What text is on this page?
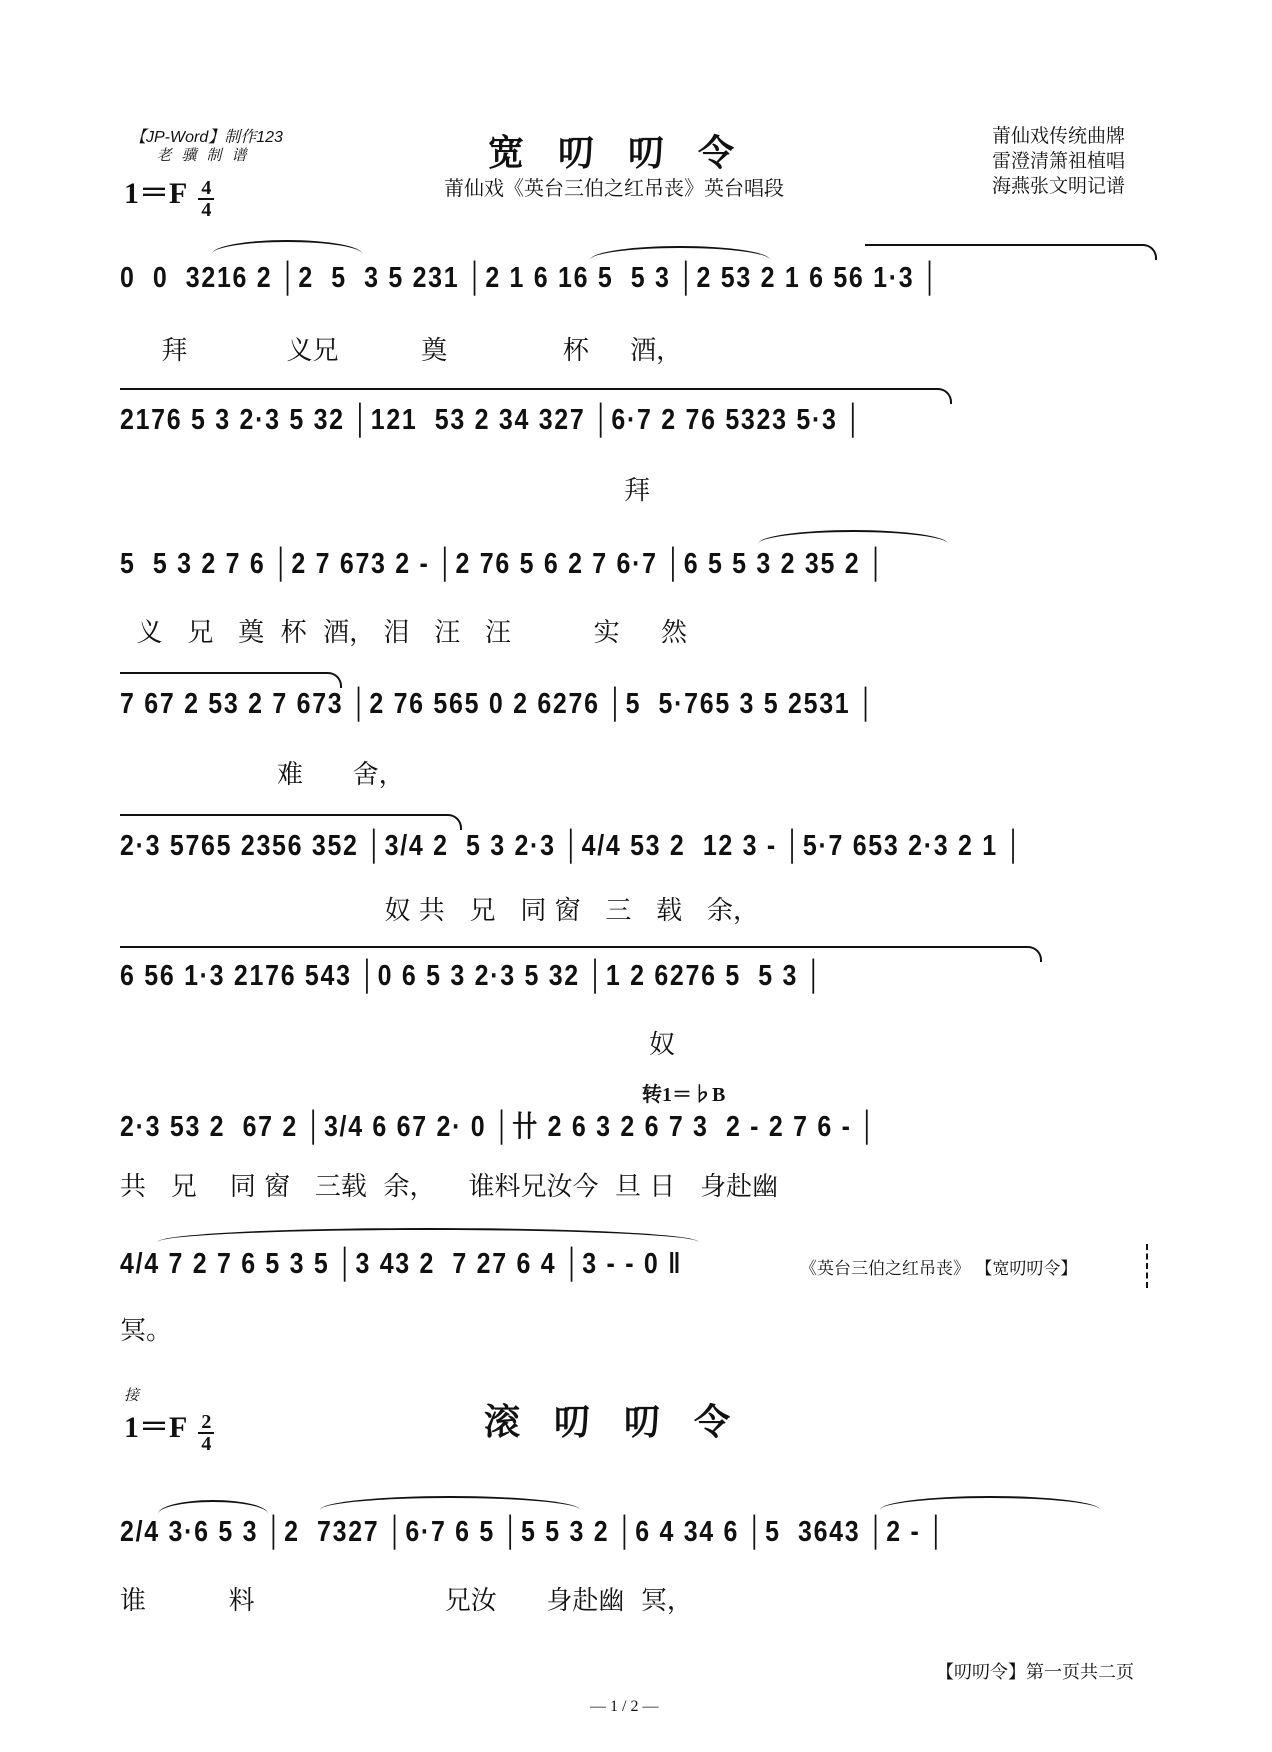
【JP-Word】制作123
老骥制谱
$1=F \frac{4}{4}$
宽叨叨令
莆仙戏《英台三伯之红吊丧》英台唱段
莆仙戏传统曲牌
雷澄清箫祖植唱
海燕张文明记谱
0  0  3216 2 │2  5  3 5 231 │2 1 6 16 5  5 3 │2 53 2 1 6 56 1·3 │
拜            义兄          奠              杯     酒，
2176 5 3 2·3 5 32 │121  53 2 34 327 │6·7 2 76 5323 5·3 │
拜
5  5 3 2 7 6 │2 7 673 2 - │2 76 5 6 2 7 6·7 │6 5 5 3 2 35 2 │
义   兄   奠  杯  酒， 泪   汪   汪          实     然
7 67 2 53 2 7 673 │2 76 565 0 2 6276 │5  5·765 3 5 2531 │
难      舍，
2·3 5765 2356 352 │3/4 2  5 3 2·3 │4/4 53 2  12 3 - │5·7 653 2·3 2 1 │
奴 共   兄   同 窗   三   载   余，
6 56 1·3 2176 543 │0 6 5 3 2·3 5 32 │1 2 6276 5  5 3 │
奴
转1＝♭B
2·3 53 2  67 2 │3/4 6 67 2· 0 │卄 2 6 3 2 6 7 3  2 - 2 7 6 - │
共   兄    同 窗   三载  余，    谁料兄汝今  旦 日   身赴幽
4/4 7 2 7 6 5 3 5 │3 43 2  7 27 6 4 │3 - - 0 ‖	《英台三伯之红吊丧》 【宽叨叨令】
冥。
接
$1=F \frac{2}{4}$	滚叨叨令
2/4 3·6 5 3 │2  7327 │6·7 6 5 │5 5 3 2 │6 4 34 6 │5  3643 │2 - │
谁          料                       兄汝      身赴幽  冥，
【叨叨令】第一页共二页
— 1 / 2 —
